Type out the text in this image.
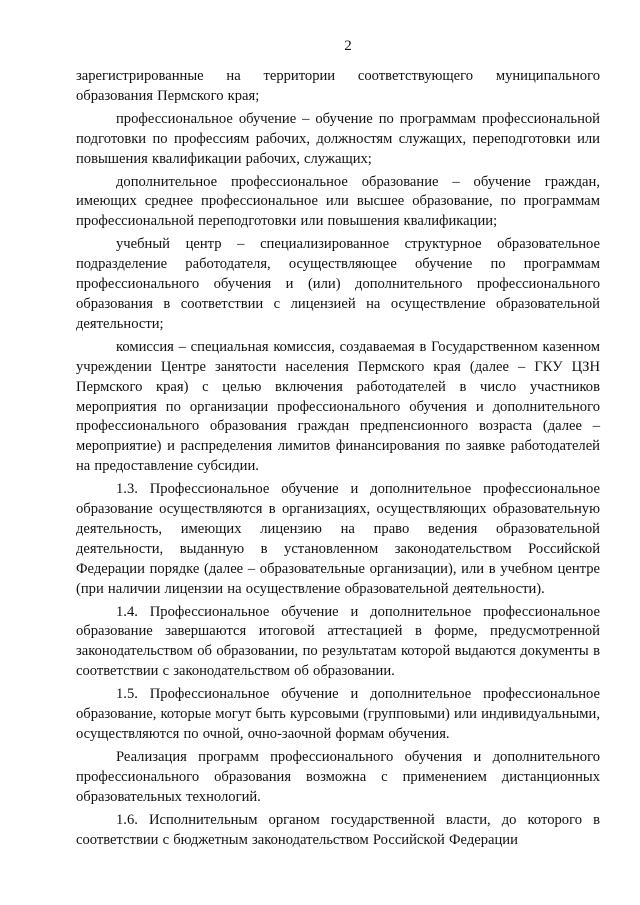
2

зарегистрированные на территории соответствующего муниципального образования Пермского края;

профессиональное обучение – обучение по программам профессиональной подготовки по профессиям рабочих, должностям служащих, переподготовки или повышения квалификации рабочих, служащих;

дополнительное профессиональное образование – обучение граждан, имеющих среднее профессиональное или высшее образование, по программам профессиональной переподготовки или повышения квалификации;

учебный центр – специализированное структурное образовательное подразделение работодателя, осуществляющее обучение по программам профессионального обучения и (или) дополнительного профессионального образования в соответствии с лицензией на осуществление образовательной деятельности;

комиссия – специальная комиссия, создаваемая в Государственном казенном учреждении Центре занятости населения Пермского края (далее – ГКУ ЦЗН Пермского края) с целью включения работодателей в число участников мероприятия по организации профессионального обучения и дополнительного профессионального образования граждан предпенсионного возраста (далее – мероприятие) и распределения лимитов финансирования по заявке работодателей на предоставление субсидии.

1.3. Профессиональное обучение и дополнительное профессиональное образование осуществляются в организациях, осуществляющих образовательную деятельность, имеющих лицензию на право ведения образовательной деятельности, выданную в установленном законодательством Российской Федерации порядке (далее – образовательные организации), или в учебном центре (при наличии лицензии на осуществление образовательной деятельности).

1.4. Профессиональное обучение и дополнительное профессиональное образование завершаются итоговой аттестацией в форме, предусмотренной законодательством об образовании, по результатам которой выдаются документы в соответствии с законодательством об образовании.

1.5. Профессиональное обучение и дополнительное профессиональное образование, которые могут быть курсовыми (групповыми) или индивидуальными, осуществляются по очной, очно-заочной формам обучения.

Реализация программ профессионального обучения и дополнительного профессионального образования возможна с применением дистанционных образовательных технологий.

1.6. Исполнительным органом государственной власти, до которого в соответствии с бюджетным законодательством Российской Федерации
